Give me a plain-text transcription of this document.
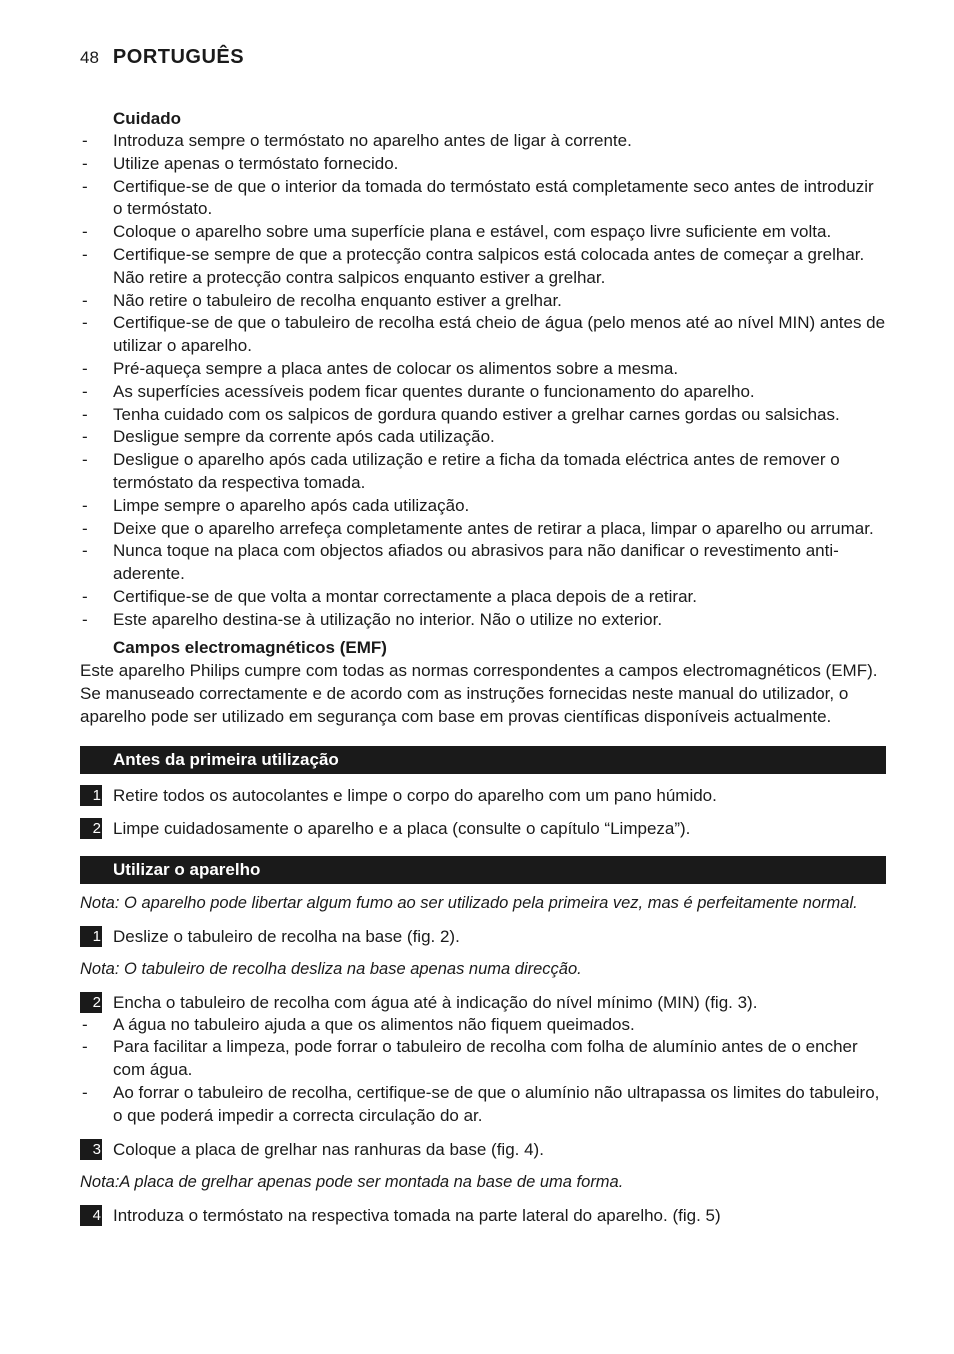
48 PORTUGUÊS
Cuidado
- Introduza sempre o termóstato no aparelho antes de ligar à corrente.
- Utilize apenas o termóstato fornecido.
- Certifique-se de que o interior da tomada do termóstato está completamente seco antes de introduzir o termóstato.
- Coloque o aparelho sobre uma superfície plana e estável, com espaço livre suficiente em volta.
- Certifique-se sempre de que a protecção contra salpicos está colocada antes de começar a grelhar. Não retire a protecção contra salpicos enquanto estiver a grelhar.
- Não retire o tabuleiro de recolha enquanto estiver a grelhar.
- Certifique-se de que o tabuleiro de recolha está cheio de água (pelo menos até ao nível MIN) antes de utilizar o aparelho.
- Pré-aqueça sempre a placa antes de colocar os alimentos sobre a mesma.
- As superfícies acessíveis podem ficar quentes durante o funcionamento do aparelho.
- Tenha cuidado com os salpicos de gordura quando estiver a grelhar carnes gordas ou salsichas.
- Desligue sempre da corrente após cada utilização.
- Desligue o aparelho após cada utilização e retire a ficha da tomada eléctrica antes de remover o termóstato da respectiva tomada.
- Limpe sempre o aparelho após cada utilização.
- Deixe que o aparelho arrefeça completamente antes de retirar a placa, limpar o aparelho ou arrumar.
- Nunca toque na placa com objectos afiados ou abrasivos para não danificar o revestimento anti-aderente.
- Certifique-se de que volta a montar correctamente a placa depois de a retirar.
- Este aparelho destina-se à utilização no interior. Não o utilize no exterior.
Campos electromagnéticos (EMF)

Este aparelho Philips cumpre com todas as normas correspondentes a campos electromagnéticos (EMF). Se manuseado correctamente e de acordo com as instruções fornecidas neste manual do utilizador, o aparelho pode ser utilizado em segurança com base em provas científicas disponíveis actualmente.

Antes da primeira utilização
1 Retire todos os autocolantes e limpe o corpo do aparelho com um pano húmido.
2 Limpe cuidadosamente o aparelho e a placa (consulte o capítulo “Limpeza”).
Utilizar o aparelho
Nota: O aparelho pode libertar algum fumo ao ser utilizado pela primeira vez, mas é perfeitamente normal.
1 Deslize o tabuleiro de recolha na base (fig. 2).
Nota: O tabuleiro de recolha desliza na base apenas numa direcção.
2 Encha o tabuleiro de recolha com água até à indicação do nível mínimo (MIN) (fig. 3).
- A água no tabuleiro ajuda a que os alimentos não fiquem queimados.
- Para facilitar a limpeza, pode forrar o tabuleiro de recolha com folha de alumínio antes de o encher com água.
- Ao forrar o tabuleiro de recolha, certifique-se de que o alumínio não ultrapassa os limites do tabuleiro, o que poderá impedir a correcta circulação do ar.
3 Coloque a placa de grelhar nas ranhuras da base (fig. 4).
Nota:A placa de grelhar apenas pode ser montada na base de uma forma.
4 Introduza o termóstato na respectiva tomada na parte lateral do aparelho. (fig. 5)
